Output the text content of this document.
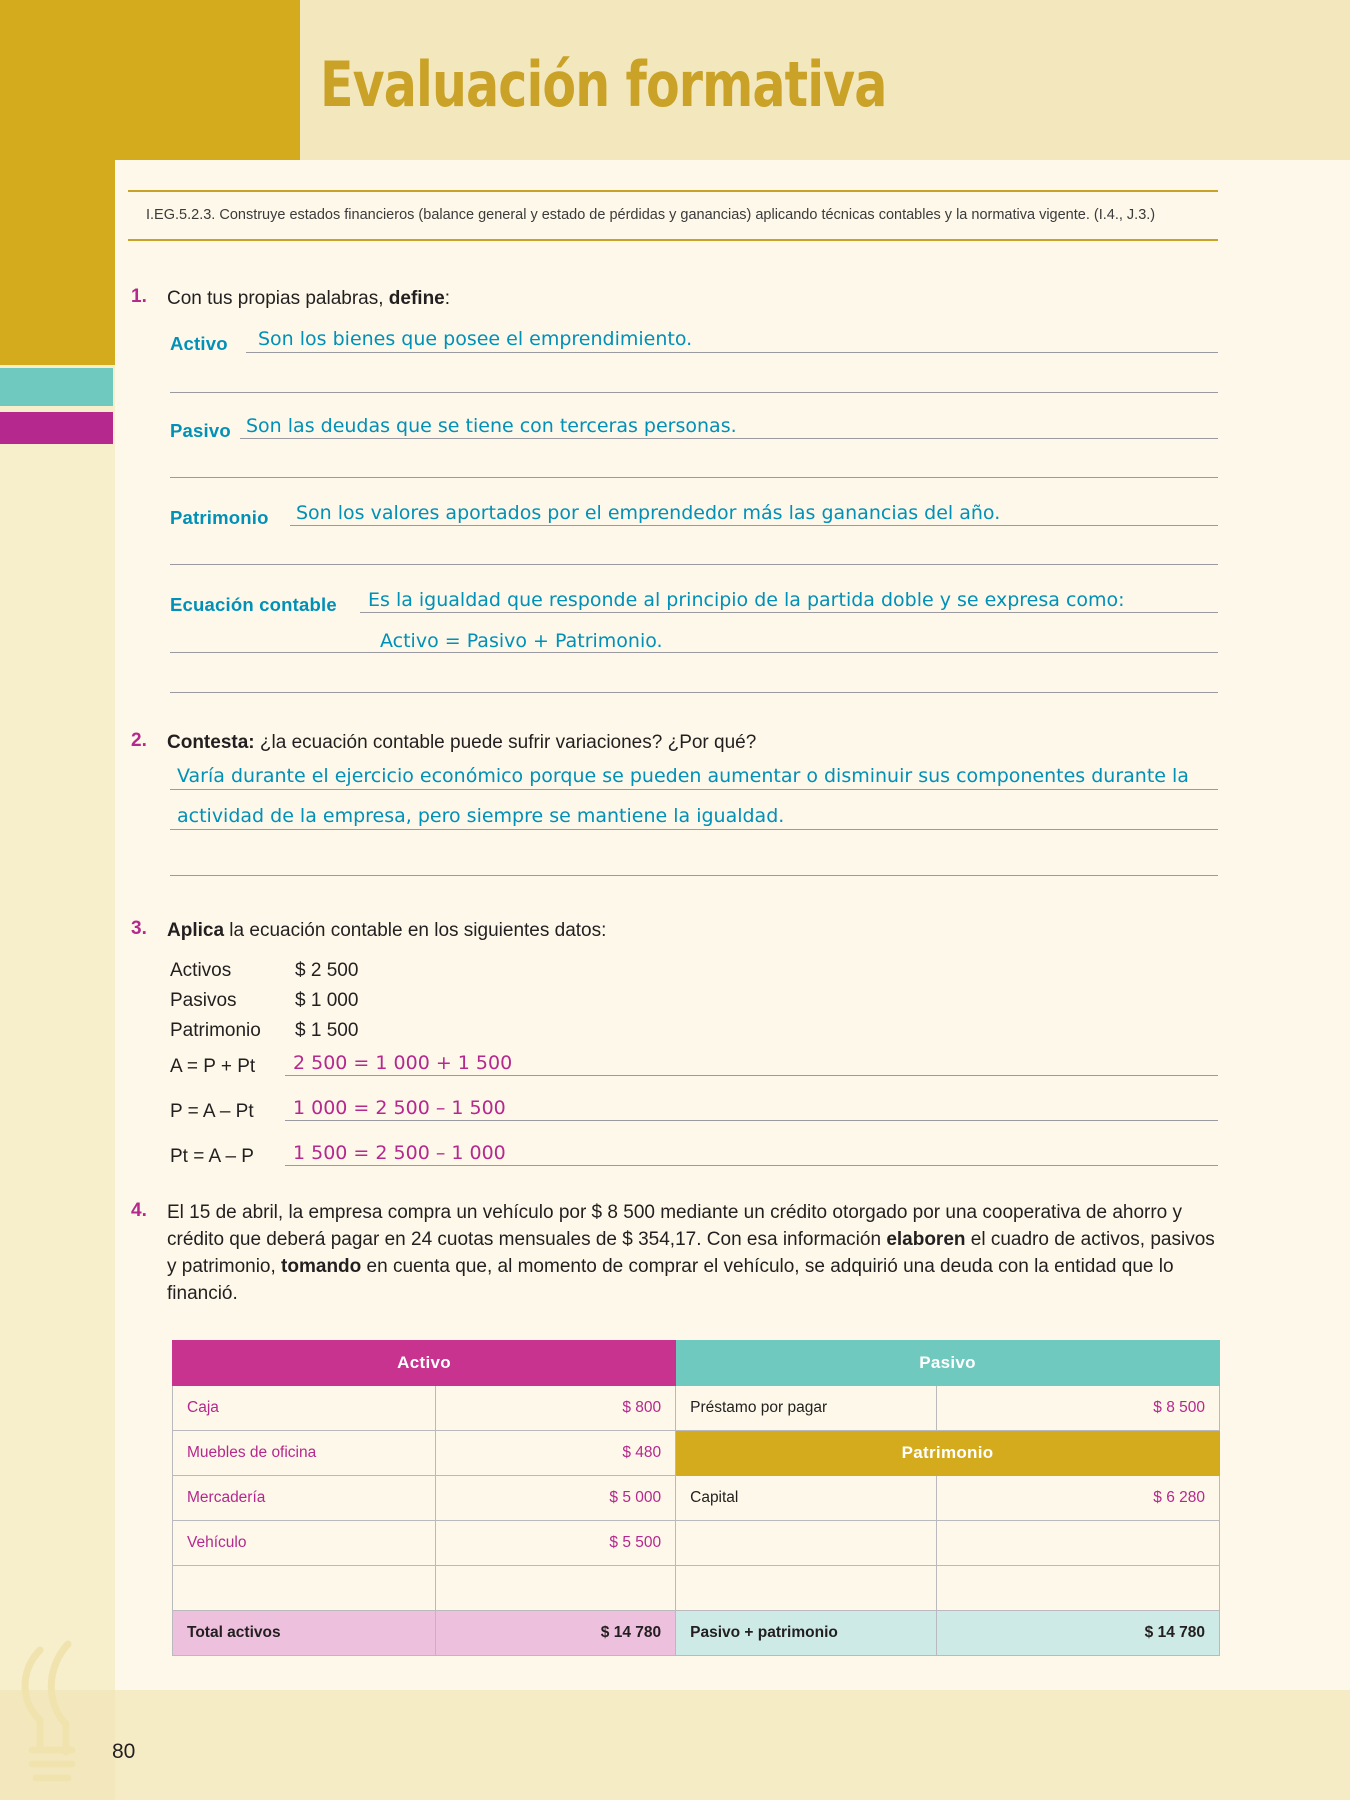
Evaluación formativa
I.EG.5.2.3. Construye estados financieros (balance general y estado de pérdidas y ganancias) aplicando técnicas contables y la normativa vigente. (I.4., J.3.)
1. Con tus propias palabras, define:
Activo Son los bienes que posee el emprendimiento.
Pasivo Son las deudas que se tiene con terceras personas.
Patrimonio Son los valores aportados por el emprendedor más las ganancias del año.
Ecuación contable Es la igualdad que responde al principio de la partida doble y se expresa como:
Activo = Pasivo + Patrimonio.
2. Contesta: ¿la ecuación contable puede sufrir variaciones? ¿Por qué?
Varía durante el ejercicio económico porque se pueden aumentar o disminuir sus componentes durante la
actividad de la empresa, pero siempre se mantiene la igualdad.
3. Aplica la ecuación contable en los siguientes datos:
Activos	$ 2 500
Pasivos	$ 1 000
Patrimonio $ 1 500
A = P + Pt 2 500 = 1 000 + 1 500
P = A – Pt 1 000 = 2 500 – 1 500
Pt = A – P 1 500 = 2 500 – 1 000
4. El 15 de abril, la empresa compra un vehículo por $ 8 500 mediante un crédito otorgado por una cooperativa de ahorro y crédito que deberá pagar en 24 cuotas mensuales de $ 354,17. Con esa información elaboren el cuadro de activos, pasivos y patrimonio, tomando en cuenta que, al momento de comprar el vehículo, se adquirió una deuda con la entidad que lo financió.
Activo		Pasivo	
Caja	$ 800	Préstamo por pagar	$ 8 500
Muebles de oficina	$ 480	Patrimonio	
Mercadería	$ 5 000	Capital	$ 6 280
Vehículo	$ 5 500		

Total activos	$ 14 780	Pasivo + patrimonio	$ 14 780
80
